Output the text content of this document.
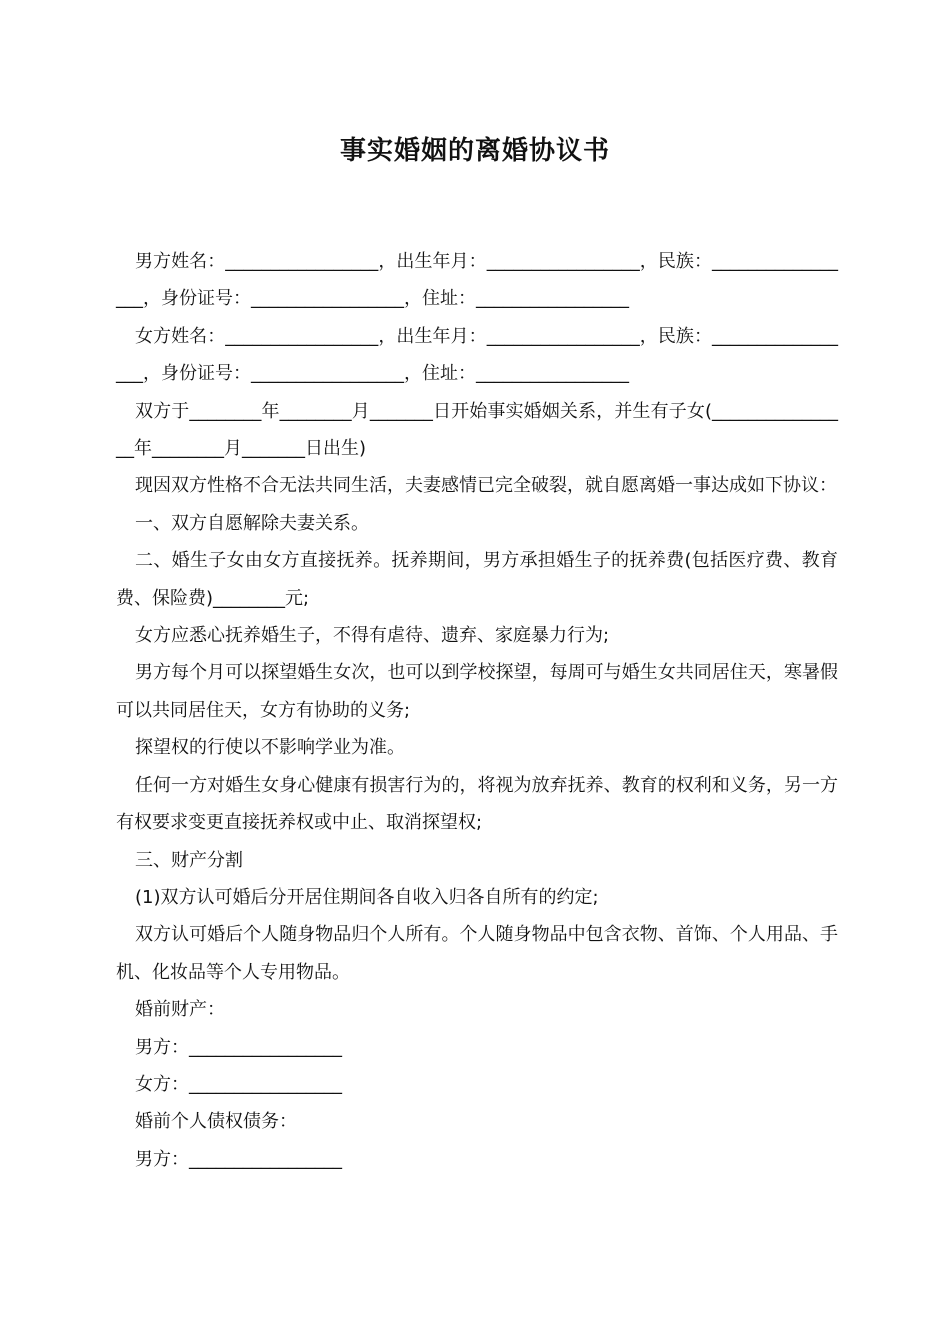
事实婚姻的离婚协议书

男方姓名：_________________，出生年月：_________________，民族：_________________，身份证号：_________________，住址：_________________

女方姓名：_________________，出生年月：_________________，民族：_________________，身份证号：_________________，住址：_________________

双方于________年________月_______日开始事实婚姻关系，并生有子女(________________年________月_______日出生)

现因双方性格不合无法共同生活，夫妻感情已完全破裂，就自愿离婚一事达成如下协议：

一、双方自愿解除夫妻关系。

二、婚生子女由女方直接抚养。抚养期间，男方承担婚生子的抚养费(包括医疗费、教育费、保险费)________元;

女方应悉心抚养婚生子，不得有虐待、遗弃、家庭暴力行为;

男方每个月可以探望婚生女次，也可以到学校探望，每周可与婚生女共同居住天，寒暑假可以共同居住天，女方有协助的义务;

探望权的行使以不影响学业为准。

任何一方对婚生女身心健康有损害行为的，将视为放弃抚养、教育的权利和义务，另一方有权要求变更直接抚养权或中止、取消探望权;

三、财产分割

(1)双方认可婚后分开居住期间各自收入归各自所有的约定;

双方认可婚后个人随身物品归个人所有。个人随身物品中包含衣物、首饰、个人用品、手机、化妆品等个人专用物品。

婚前财产：

男方：_________________

女方：_________________

婚前个人债权债务：

男方：_________________
